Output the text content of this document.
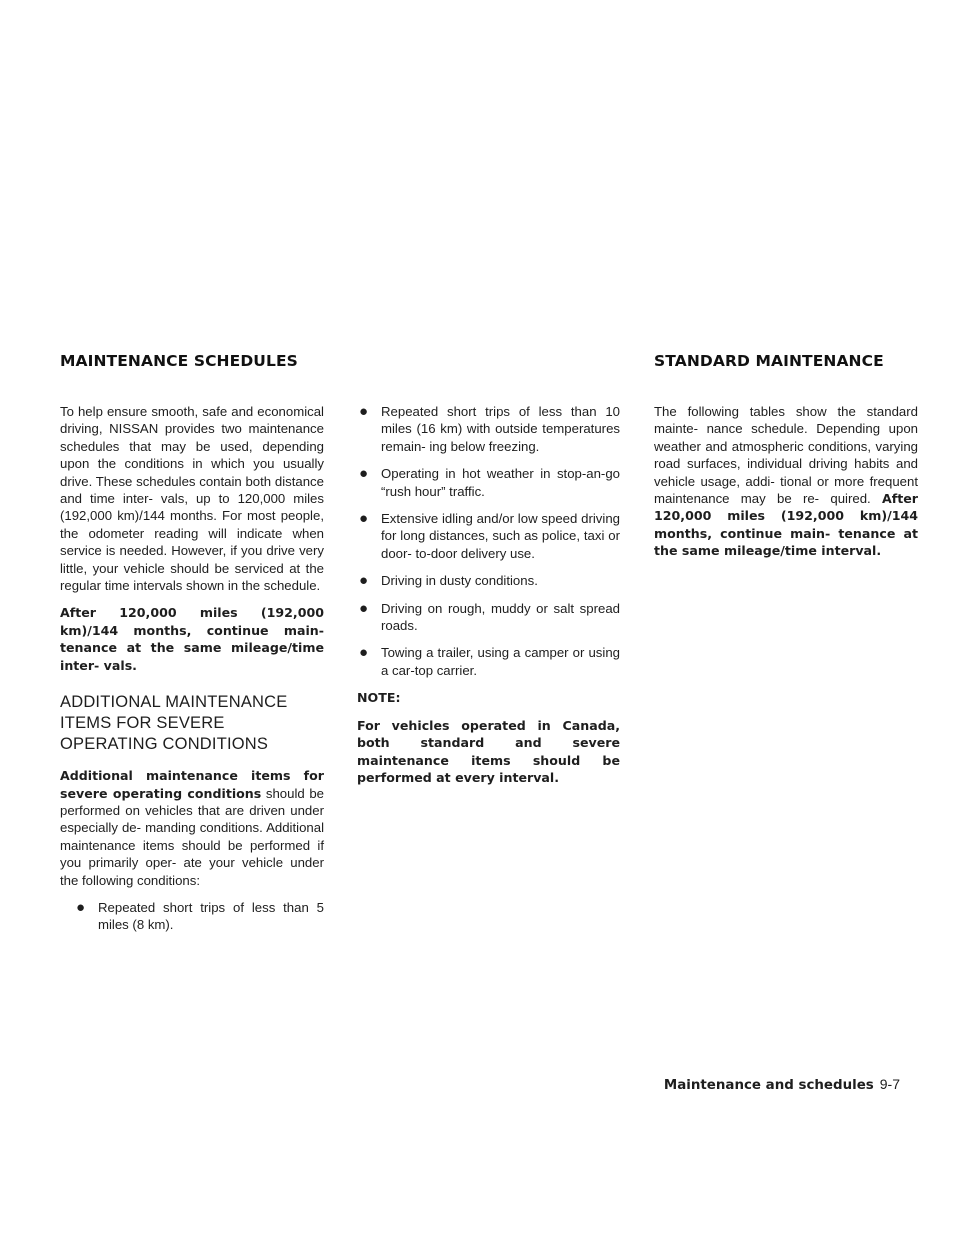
MAINTENANCE SCHEDULES	STANDARD MAINTENANCE

To help ensure smooth, safe and economical driving, NISSAN provides two maintenance schedules that may be used, depending upon the conditions in which you usually drive. These schedules contain both distance and time inter- vals, up to 120,000 miles (192,000 km)/144 months. For most people, the odometer reading will indicate when service is needed. However, if you drive very little, your vehicle should be serviced at the regular time intervals shown in the schedule.

After 120,000 miles (192,000 km)/144 months, continue main- tenance at the same mileage/time inter- vals.

ADDITIONAL MAINTENANCE ITEMS FOR SEVERE OPERATING CONDITIONS

Additional maintenance items for severe operating conditions should be performed on vehicles that are driven under especially de- manding conditions. Additional maintenance items should be performed if you primarily oper- ate your vehicle under the following conditions:

● Repeated short trips of less than 5 miles (8 km).
● Repeated short trips of less than 10 miles (16 km) with outside temperatures remain- ing below freezing.
● Operating in hot weather in stop-an-go “rush hour” traffic.
● Extensive idling and/or low speed driving for long distances, such as police, taxi or door- to-door delivery use.
● Driving in dusty conditions.
● Driving on rough, muddy or salt spread roads.
● Towing a trailer, using a camper or using a car-top carrier.

NOTE:

For vehicles operated in Canada, both standard and severe maintenance items should be performed at every interval.

The following tables show the standard mainte- nance schedule. Depending upon weather and atmospheric conditions, varying road surfaces, individual driving habits and vehicle usage, addi- tional or more frequent maintenance may be re- quired. After 120,000 miles (192,000 km)/144 months, continue main- tenance at the same mileage/time interval.

Maintenance and schedules 9-7
